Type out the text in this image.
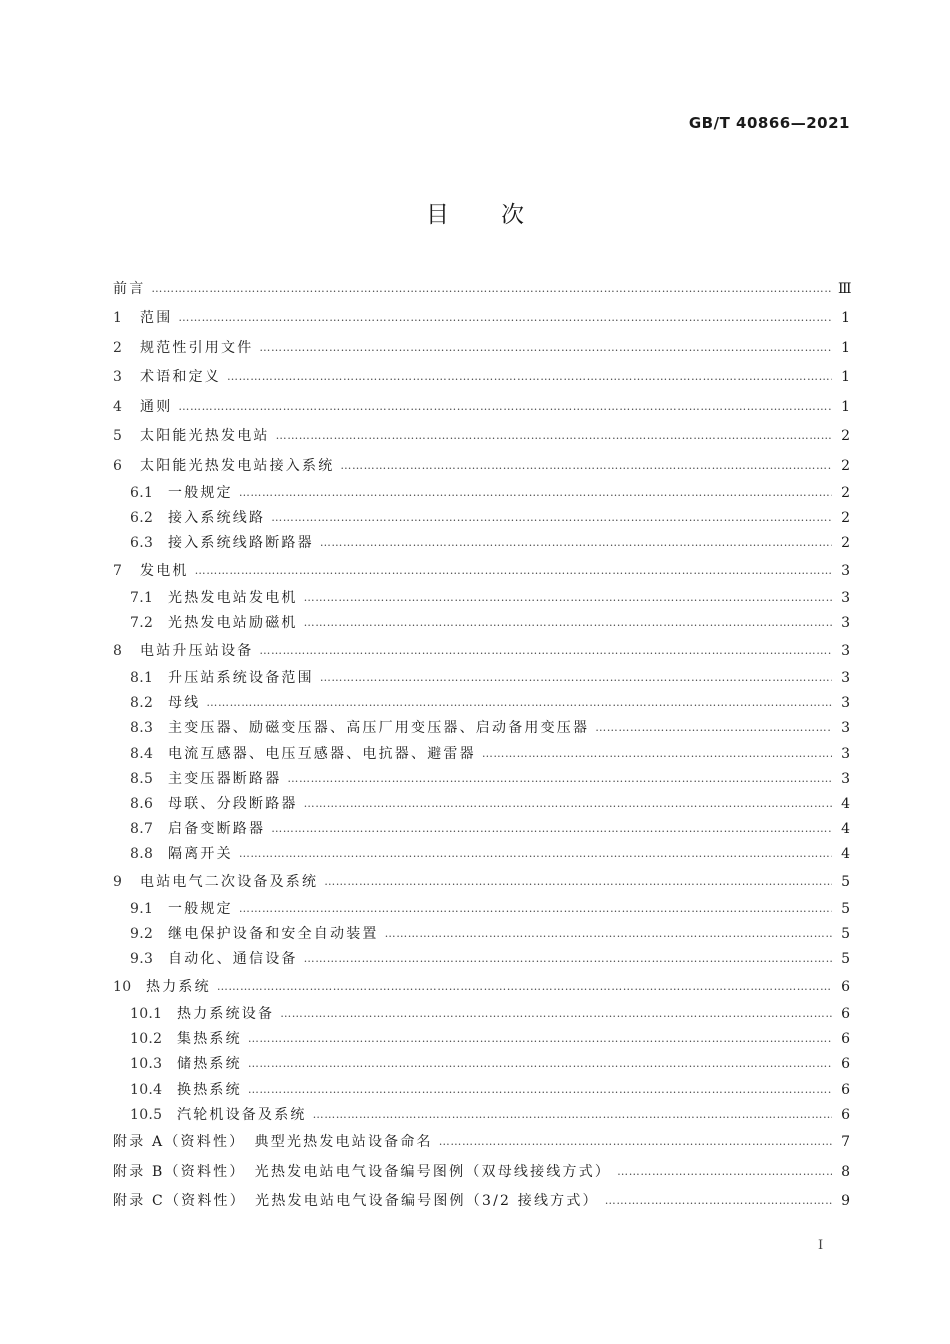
GB/T 40866—2021
目次
前言 ……………………………………………………………………………………………………………………………………………………………………………………………………………………………………………………………………	Ⅲ
1	范围 ……………………………………………………………………………………………………………………………………………………………………………………………………………………………………………………………………	1
2	规范性引用文件 ……………………………………………………………………………………………………………………………………………………………………………………………………………………………………………………………………	1
3	术语和定义 ……………………………………………………………………………………………………………………………………………………………………………………………………………………………………………………………………	1
4	通则 ……………………………………………………………………………………………………………………………………………………………………………………………………………………………………………………………………	1
5	太阳能光热发电站 ……………………………………………………………………………………………………………………………………………………………………………………………………………………………………………………………………	2
6	太阳能光热发电站接入系统 ……………………………………………………………………………………………………………………………………………………………………………………………………………………………………………………………………	2
6.1	一般规定 ……………………………………………………………………………………………………………………………………………………………………………………………………………………………………………………………………	2
6.2	接入系统线路 ……………………………………………………………………………………………………………………………………………………………………………………………………………………………………………………………………	2
6.3	接入系统线路断路器 ……………………………………………………………………………………………………………………………………………………………………………………………………………………………………………………………………	2
7	发电机 ……………………………………………………………………………………………………………………………………………………………………………………………………………………………………………………………………	3
7.1	光热发电站发电机 ……………………………………………………………………………………………………………………………………………………………………………………………………………………………………………………………………	3
7.2	光热发电站励磁机 ……………………………………………………………………………………………………………………………………………………………………………………………………………………………………………………………………	3
8	电站升压站设备 ……………………………………………………………………………………………………………………………………………………………………………………………………………………………………………………………………	3
8.1	升压站系统设备范围 ……………………………………………………………………………………………………………………………………………………………………………………………………………………………………………………………………	3
8.2	母线 ……………………………………………………………………………………………………………………………………………………………………………………………………………………………………………………………………	3
8.3	主变压器、励磁变压器、高压厂用变压器、启动备用变压器 ……………………………………………………………………………………………………………………………………………………………………………………………………………………………………………………………………	3
8.4	电流互感器、电压互感器、电抗器、避雷器 ……………………………………………………………………………………………………………………………………………………………………………………………………………………………………………………………………	3
8.5	主变压器断路器 ……………………………………………………………………………………………………………………………………………………………………………………………………………………………………………………………………	3
8.6	母联、分段断路器 ……………………………………………………………………………………………………………………………………………………………………………………………………………………………………………………………………	4
8.7	启备变断路器 ……………………………………………………………………………………………………………………………………………………………………………………………………………………………………………………………………	4
8.8	隔离开关 ……………………………………………………………………………………………………………………………………………………………………………………………………………………………………………………………………	4
9	电站电气二次设备及系统 ……………………………………………………………………………………………………………………………………………………………………………………………………………………………………………………………………	5
9.1	一般规定 ……………………………………………………………………………………………………………………………………………………………………………………………………………………………………………………………………	5
9.2	继电保护设备和安全自动装置 ……………………………………………………………………………………………………………………………………………………………………………………………………………………………………………………………………	5
9.3	自动化、通信设备 ……………………………………………………………………………………………………………………………………………………………………………………………………………………………………………………………………	5
10	热力系统 ……………………………………………………………………………………………………………………………………………………………………………………………………………………………………………………………………	6
10.1	热力系统设备 ……………………………………………………………………………………………………………………………………………………………………………………………………………………………………………………………………	6
10.2	集热系统 ……………………………………………………………………………………………………………………………………………………………………………………………………………………………………………………………………	6
10.3	储热系统 ……………………………………………………………………………………………………………………………………………………………………………………………………………………………………………………………………	6
10.4	换热系统 ……………………………………………………………………………………………………………………………………………………………………………………………………………………………………………………………………	6
10.5	汽轮机设备及系统 ……………………………………………………………………………………………………………………………………………………………………………………………………………………………………………………………………	6
附录 A（资料性）　典型光热发电站设备命名 ……………………………………………………………………………………………………………………………………………………………………………………………………………………………………………………………………	7
附录 B（资料性）　光热发电站电气设备编号图例（双母线接线方式） ……………………………………………………………………………………………………………………………………………………………………………………………………………………………………………………………………	8
附录 C（资料性）　光热发电站电气设备编号图例（3/2 接线方式） ……………………………………………………………………………………………………………………………………………………………………………………………………………………………………………………………………	9
Ⅰ
